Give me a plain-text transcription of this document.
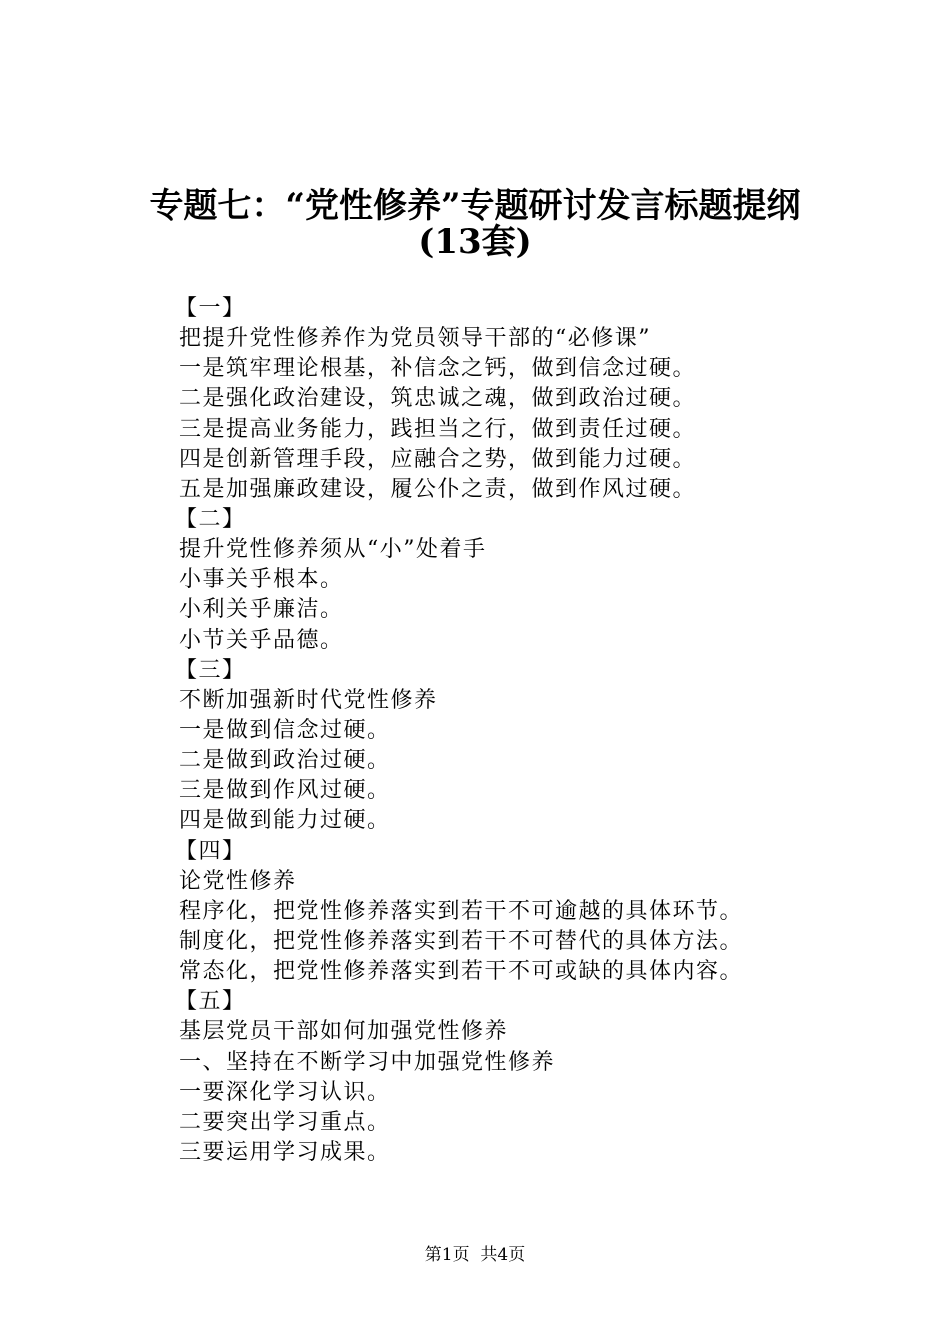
专题七：“党性修养”专题研讨发言标题提纲
(13套)
【一】
把提升党性修养作为党员领导干部的“必修课”
一是筑牢理论根基，补信念之钙，做到信念过硬。
二是强化政治建设，筑忠诚之魂，做到政治过硬。
三是提高业务能力，践担当之行，做到责任过硬。
四是创新管理手段，应融合之势，做到能力过硬。
五是加强廉政建设，履公仆之责，做到作风过硬。
【二】
提升党性修养须从“小”处着手
小事关乎根本。
小利关乎廉洁。
小节关乎品德。
【三】
不断加强新时代党性修养
一是做到信念过硬。
二是做到政治过硬。
三是做到作风过硬。
四是做到能力过硬。
【四】
论党性修养
程序化，把党性修养落实到若干不可逾越的具体环节。
制度化，把党性修养落实到若干不可替代的具体方法。
常态化，把党性修养落实到若干不可或缺的具体内容。
【五】
基层党员干部如何加强党性修养
一、坚持在不断学习中加强党性修养
一要深化学习认识。
二要突出学习重点。
三要运用学习成果。
第1页  共4页
